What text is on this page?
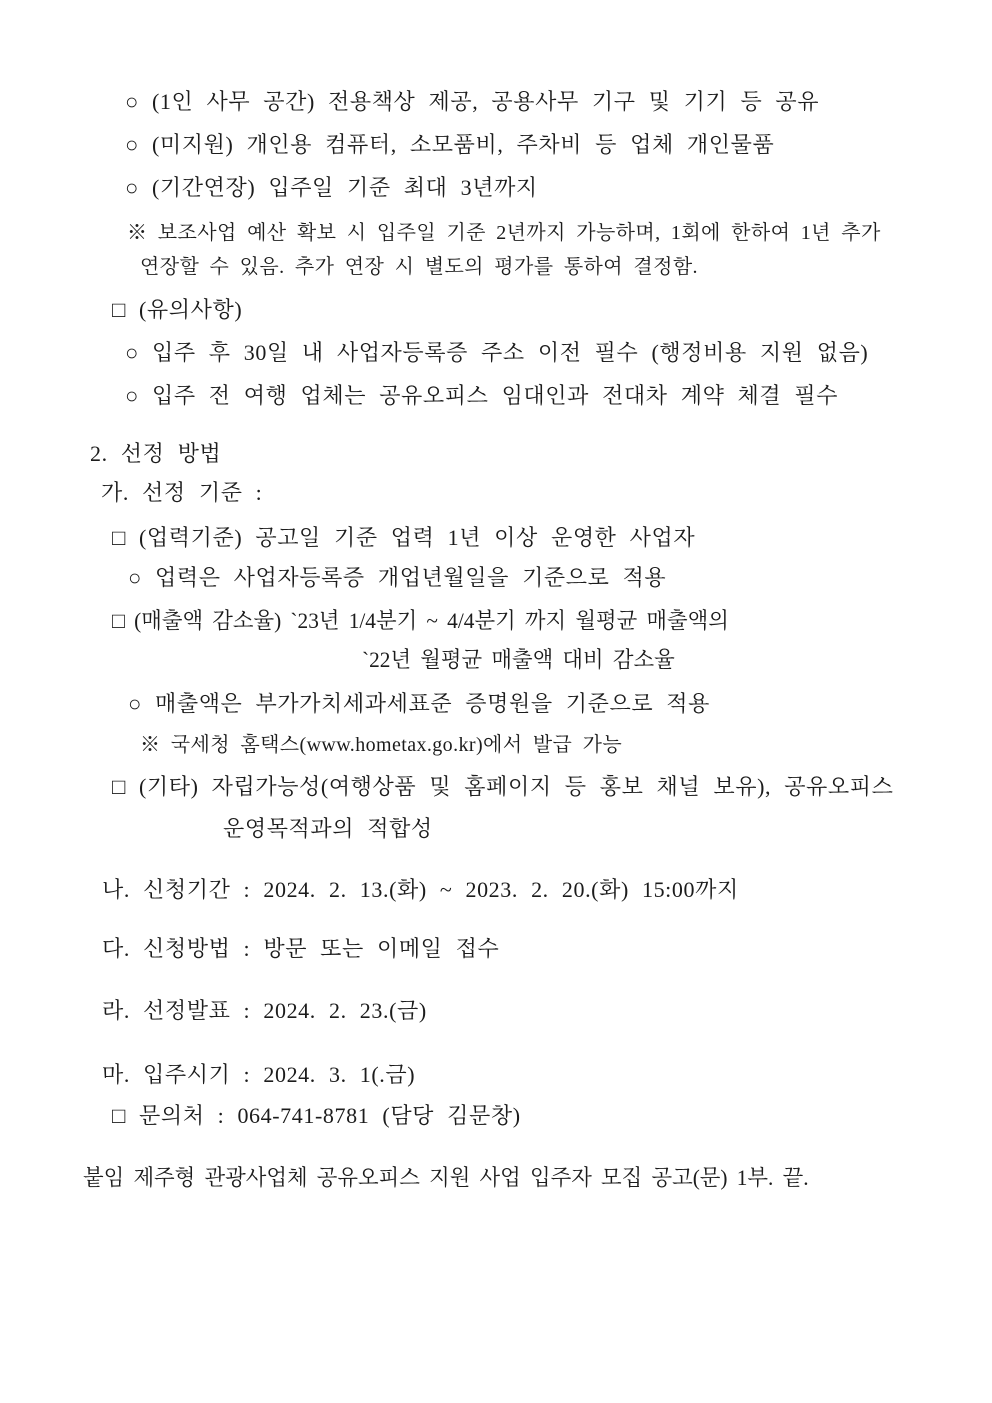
○ (1인 사무 공간) 전용책상 제공, 공용사무 기구 및 기기 등 공유

○ (미지원) 개인용 컴퓨터, 소모품비, 주차비 등 업체 개인물품

○ (기간연장) 입주일 기준 최대 3년까지

※ 보조사업 예산 확보 시 입주일 기준 2년까지 가능하며, 1회에 한하여 1년 추가

연장할 수 있음. 추가 연장 시 별도의 평가를 통하여 결정함.

□ (유의사항)

○ 입주 후 30일 내 사업자등록증 주소 이전 필수 (행정비용 지원 없음)

○ 입주 전 여행 업체는 공유오피스 임대인과 전대차 계약 체결 필수

2. 선정 방법

가. 선정 기준 :

□ (업력기준) 공고일 기준 업력 1년 이상 운영한 사업자

○ 업력은 사업자등록증 개업년월일을 기준으로 적용

□ (매출액 감소율) `23년 1/4분기 ~ 4/4분기 까지 월평균 매출액의

`22년 월평균 매출액 대비 감소율

○ 매출액은 부가가치세과세표준 증명원을 기준으로 적용

※ 국세청 홈택스(www.hometax.go.kr)에서 발급 가능

□ (기타) 자립가능성(여행상품 및 홈페이지 등 홍보 채널 보유), 공유오피스

운영목적과의 적합성

나. 신청기간 : 2024. 2. 13.(화) ~ 2023. 2. 20.(화) 15:00까지

다. 신청방법 : 방문 또는 이메일 접수

라. 선정발표 : 2024. 2. 23.(금)

마. 입주시기 : 2024. 3. 1(.금)

□ 문의처 : 064-741-8781 (담당 김문창)

붙임 제주형 관광사업체 공유오피스 지원 사업 입주자 모집 공고(문) 1부. 끝.
